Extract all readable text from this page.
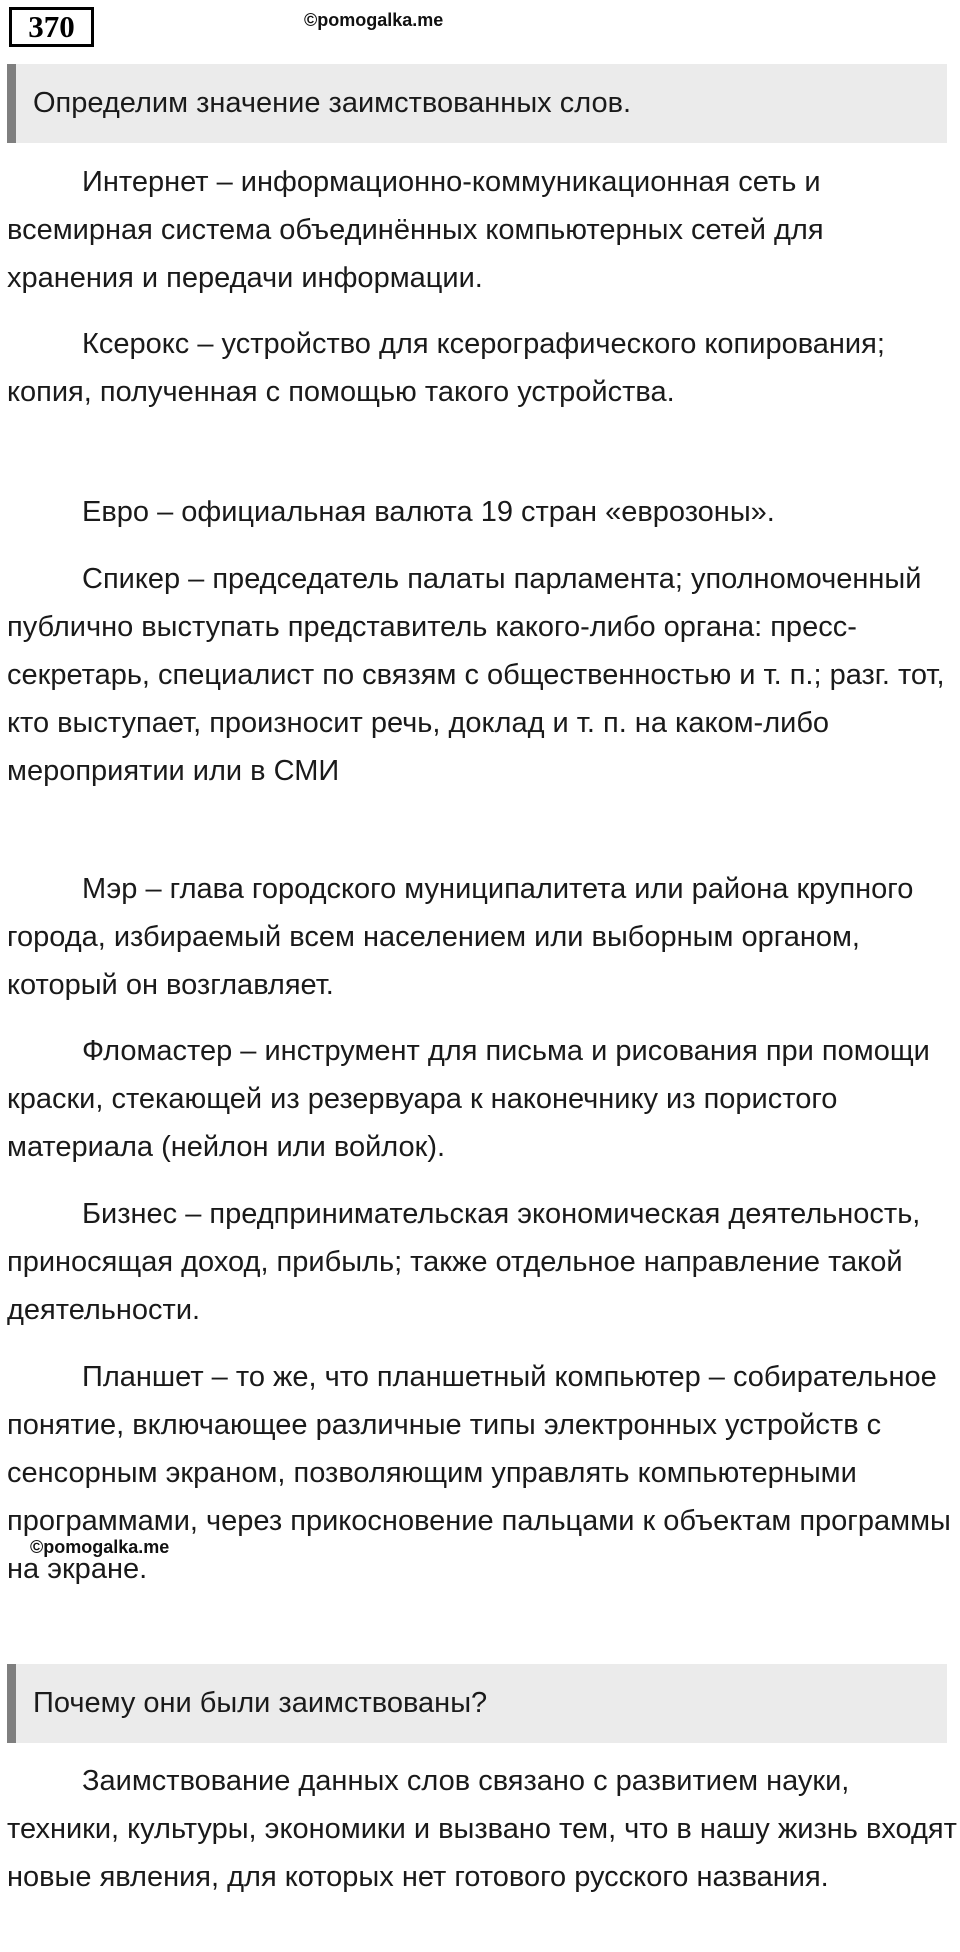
370	©pomogalka.me
Определим значение заимствованных слов.

Интернет – информационно-коммуникационная сеть и всемирная система объединённых компьютерных сетей для хранения и передачи информации.

Ксерокс – устройство для ксерографического копирования; копия, полученная с помощью такого устройства.

Евро – официальная валюта 19 стран «еврозоны».

Спикер – председатель палаты парламента; уполномоченный публично выступать представитель какого-либо органа: пресс-секретарь, специалист по связям с общественностью и т. п.; разг. тот, кто выступает, произносит речь, доклад и т. п. на каком-либо мероприятии или в СМИ

Мэр – глава городского муниципалитета или района крупного города, избираемый всем населением или выборным органом, который он возглавляет.

Фломастер – инструмент для письма и рисования при помощи краски, стекающей из резервуара к наконечнику из пористого материала (нейлон или войлок).

Бизнес – предпринимательская экономическая деятельность, приносящая доход, прибыль; также отдельное направление такой деятельности.

Планшет – то же, что планшетный компьютер – собирательное понятие, включающее различные типы электронных устройств с сенсорным экраном, позволяющим управлять компьютерными программами, через прикосновение пальцами к объектам программы на экране.

©pomogalka.me
Почему они были заимствованы?

Заимствование данных слов связано с развитием науки, техники, культуры, экономики и вызвано тем, что в нашу жизнь входят новые явления, для которых нет готового русского названия.
